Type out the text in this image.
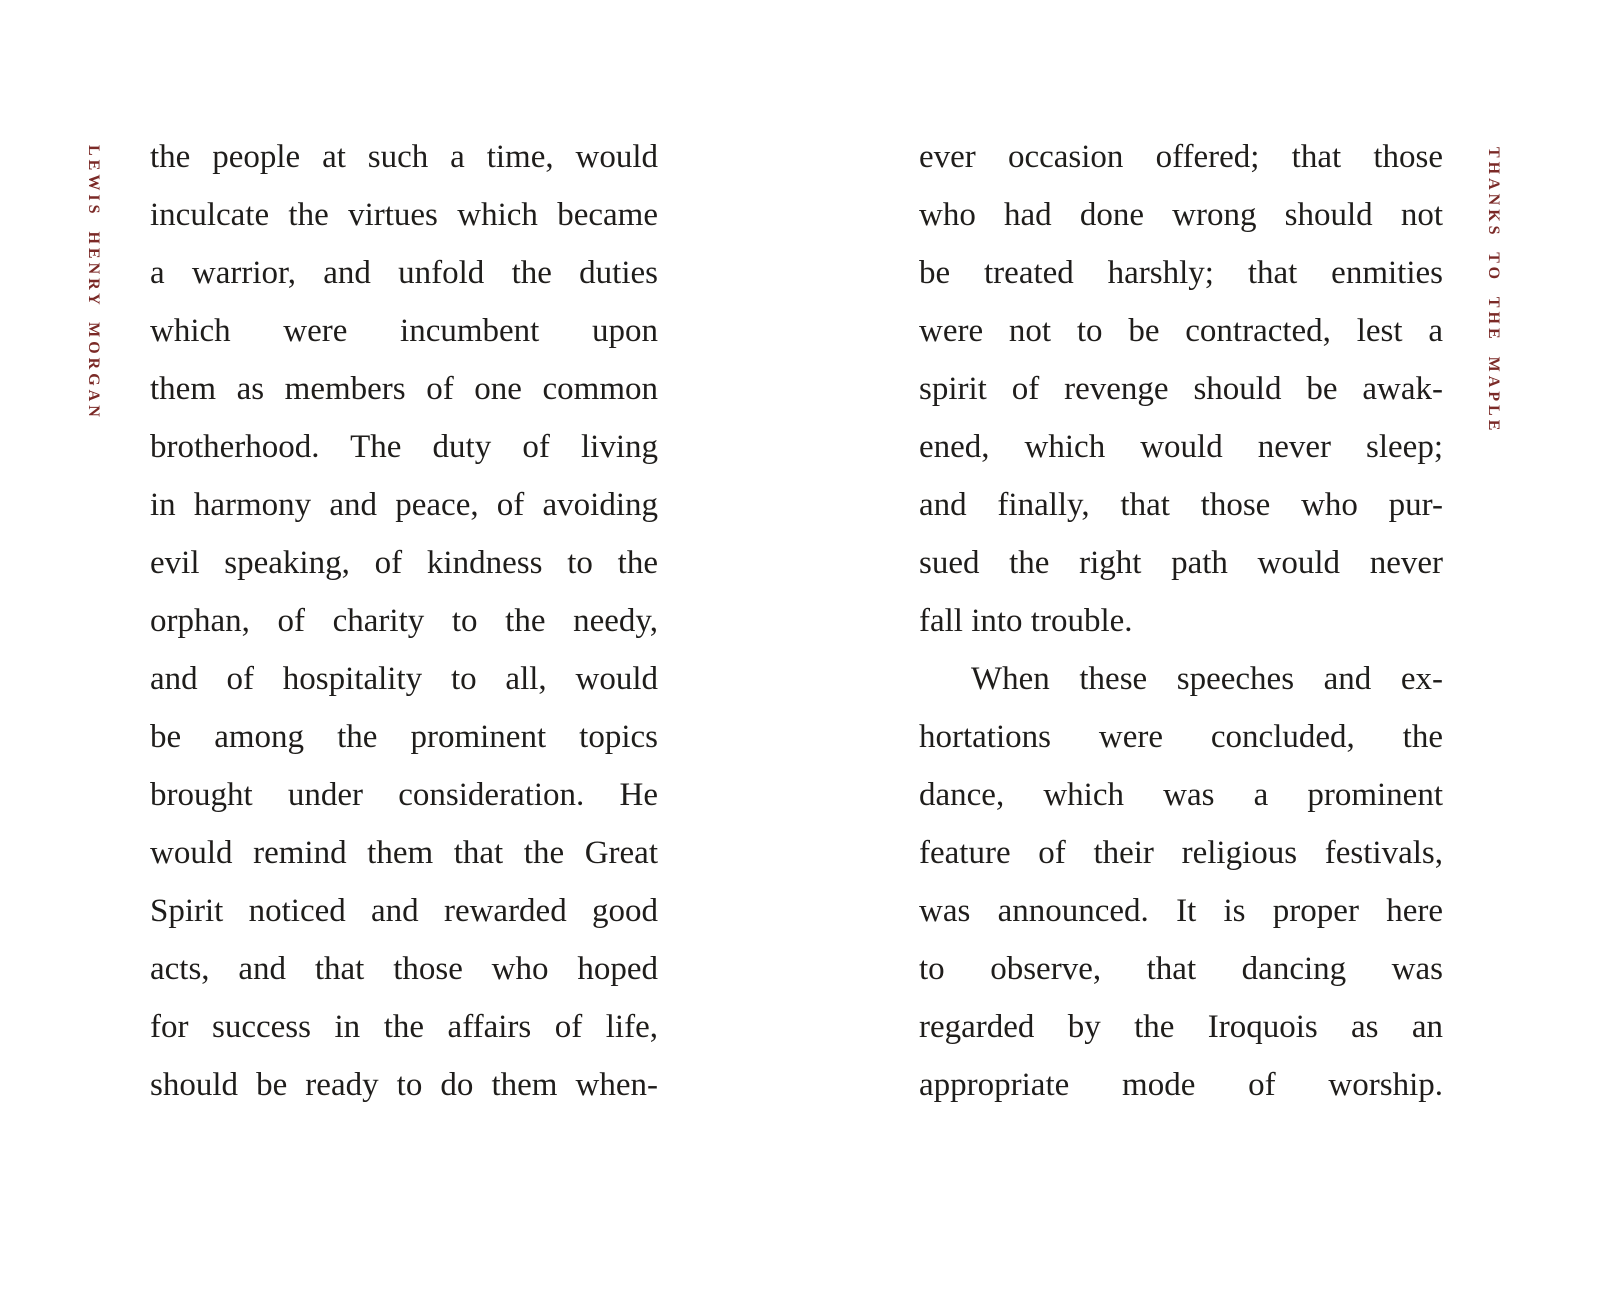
LEWIS HENRY MORGAN the people at such a time, would
inculcate the virtues which became
a warrior, and unfold the duties
which were incumbent upon
them as members of one common
brotherhood. The duty of living
in harmony and peace, of avoiding
evil speaking, of kindness to the
orphan, of charity to the needy,
and of hospitality to all, would
be among the prominent topics
brought under consideration. He
would remind them that the Great
Spirit noticed and rewarded good
acts, and that those who hoped
for success in the affairs of life,
should be ready to do them when-
ever occasion offered; that those
who had done wrong should not
be treated harshly; that enmities
were not to be contracted, lest a
spirit of revenge should be awak-
ened, which would never sleep;
and finally, that those who pur-
sued the right path would never
fall into trouble.
When these speeches and ex-
hortations were concluded, the
dance, which was a prominent
feature of their religious festivals,
was announced. It is proper here
to observe, that dancing was
regarded by the Iroquois as an
appropriate mode of worship.
THANKS TO THE MAPLE
